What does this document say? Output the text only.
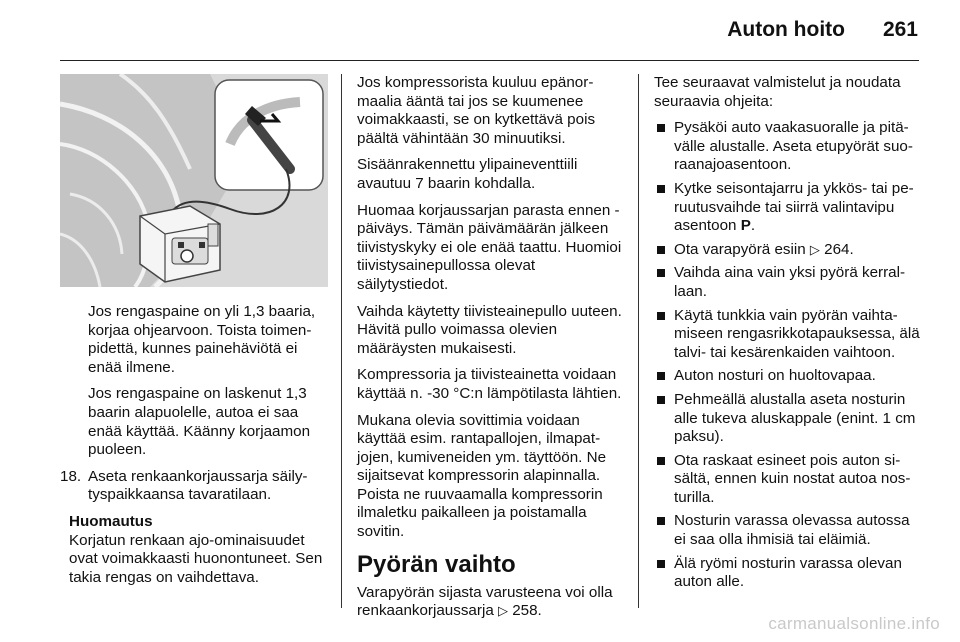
Auton hoito 261

Jos rengaspaine on yli 1,3 baaria, korjaa ohjearvoon. Toista toimenpidettä, kunnes painehäviötä ei enää ilmene.

Jos rengaspaine on laskenut 1,3 baarin alapuolelle, autoa ei saa enää käyttää. Käänny korjaamon puoleen.

18. Aseta renkaankorjaussarja säilytyspaikkaansa tavaratilaan.
Huomautus
Korjatun renkaan ajo-ominaisuudet ovat voimakkaasti huonontuneet. Sen takia rengas on vaihdettava.

Jos kompressorista kuuluu epänormaalia ääntä tai jos se kuumenee voimakkaasti, se on kytkettävä pois päältä vähintään 30 minuutiksi.

Sisäänrakennettu ylipaineventtiili avautuu 7 baarin kohdalla.

Huomaa korjaussarjan parasta ennen -päiväys. Tämän päivämäärän jälkeen tiivistyskyky ei ole enää taattu. Huomioi tiivistysainepullossa olevat säilytystiedot.

Vaihda käytetty tiivisteainepullo uuteen. Hävitä pullo voimassa olevien määräysten mukaisesti.

Kompressoria ja tiivisteainetta voidaan käyttää n. -30 °C:n lämpötilasta lähtien.

Mukana olevia sovittimia voidaan käyttää esim. rantapallojen, ilmapatjojen, kumiveneiden ym. täyttöön. Ne sijaitsevat kompressorin alapinnalla. Poista ne ruuvaamalla kompressorin ilmaletku paikalleen ja poistamalla sovitin.

Pyörän vaihto

Varapyörän sijasta varusteena voi olla renkaankorjaussarja ▷ 258.

Tee seuraavat valmistelut ja noudata seuraavia ohjeita:

Pysäköi auto vaakasuoralle ja pitävälle alustalle. Aseta etupyörät suoraanajoasentoon.
Kytke seisontajarru ja ykkös- tai peruutusvaihde tai siirrä valintavipu asentoon P.
Ota varapyörä esiin ▷ 264.
Vaihda aina vain yksi pyörä kerrallaan.
Käytä tunkkia vain pyörän vaihtamiseen rengasrikkotapauksessa, älä talvi- tai kesärenkaiden vaihtoon.
Auton nosturi on huoltovapaa.
Pehmeällä alustalla aseta nosturin alle tukeva aluskappale (enint. 1 cm paksu).
Ota raskaat esineet pois auton sisältä, ennen kuin nostat autoa nosturilla.
Nosturin varassa olevassa autossa ei saa olla ihmisiä tai eläimiä.
Älä ryömi nosturin varassa olevan auton alle.
carmanualsonline.info
